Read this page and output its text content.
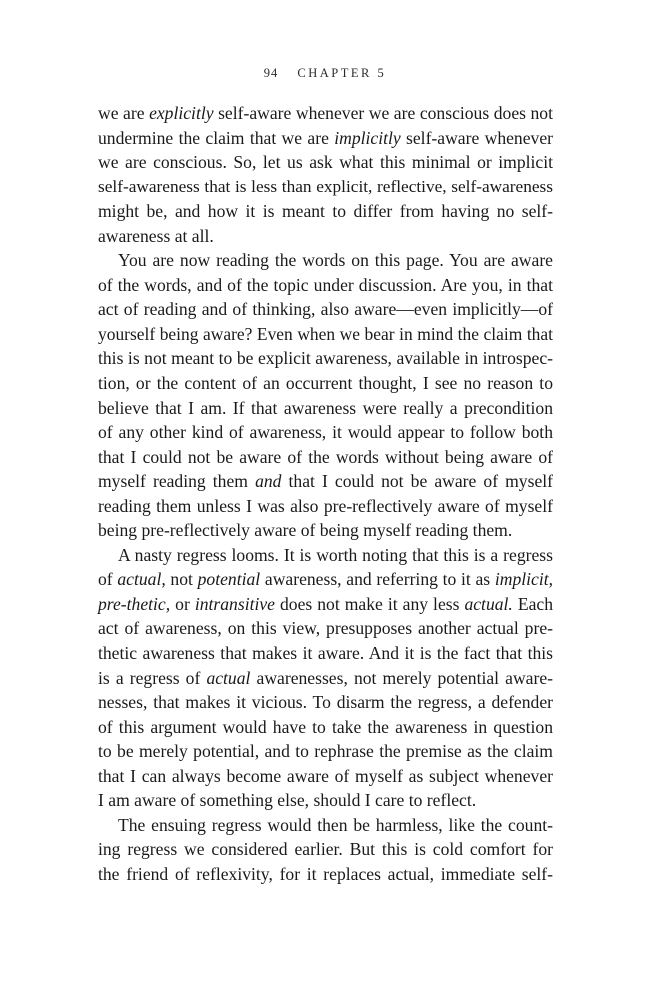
94 CHAPTER 5
we are explicitly self-aware whenever we are conscious does not
undermine the claim that we are implicitly self-aware whenever
we are conscious. So, let us ask what this minimal or implicit
self-awareness that is less than explicit, reflective, self-awareness
might be, and how it is meant to differ from having no self-
awareness at all.
You are now reading the words on this page. You are aware
of the words, and of the topic under discussion. Are you, in that
act of reading and of thinking, also aware—even implicitly—of
yourself being aware? Even when we bear in mind the claim that
this is not meant to be explicit awareness, available in introspec-
tion, or the content of an occurrent thought, I see no reason to
believe that I am. If that awareness were really a precondition
of any other kind of awareness, it would appear to follow both
that I could not be aware of the words without being aware of
myself reading them and that I could not be aware of myself
reading them unless I was also pre-reflectively aware of myself
being pre-reflectively aware of being myself reading them.
A nasty regress looms. It is worth noting that this is a regress
of actual, not potential awareness, and referring to it as implicit,
pre-thetic, or intransitive does not make it any less actual. Each
act of awareness, on this view, presupposes another actual pre-
thetic awareness that makes it aware. And it is the fact that this
is a regress of actual awarenesses, not merely potential aware-
nesses, that makes it vicious. To disarm the regress, a defender
of this argument would have to take the awareness in question
to be merely potential, and to rephrase the premise as the claim
that I can always become aware of myself as subject whenever
I am aware of something else, should I care to reflect.
The ensuing regress would then be harmless, like the count-
ing regress we considered earlier. But this is cold comfort for
the friend of reflexivity, for it replaces actual, immediate self-
